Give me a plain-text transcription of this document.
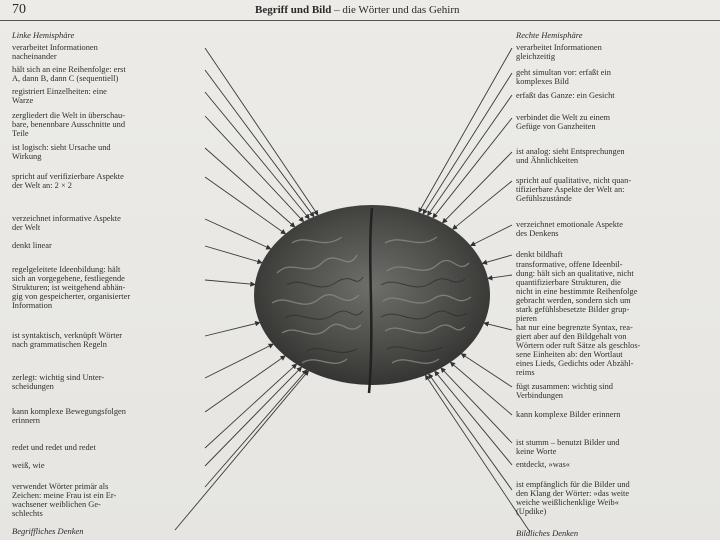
70	Begriff und Bild – die Wörter und das Gehirn
Linke Hemisphäre
verarbeitet Informationen
nacheinander
hält sich an eine Reihenfolge: erst
A, dann B, dann C (sequentiell)
registriert Einzelheiten: eine
Warze
zergliedert die Welt in überschau-
bare, benennbare Ausschnitte und
Teile
ist logisch: sieht Ursache und
Wirkung
spricht auf verifizierbare Aspekte
der Welt an: 2 × 2
verzeichnet informative Aspekte
der Welt
denkt linear
regelgeleitete Ideenbildung: hält
sich an vorgegebene, festliegende
Strukturen; ist weitgehend abhän-
gig von gespeicherter, organisierter
Information
ist syntaktisch, verknüpft Wörter
nach grammatischen Regeln
zerlegt: wichtig sind Unter-
scheidungen
kann komplexe Bewegungsfolgen
erinnern
redet und redet und redet
weiß, wie
verwendet Wörter primär als
Zeichen: meine Frau ist ein Er-
wachsener weiblichen Ge-
schlechts
Begriffliches Denken
Rechte Hemisphäre
verarbeitet Informationen
gleichzeitig
geht simultan vor: erfaßt ein
komplexes Bild
erfaßt das Ganze: ein Gesicht
verbindet die Welt zu einem
Gefüge von Ganzheiten
ist analog: sieht Entsprechungen
und Ähnlichkeiten
spricht auf qualitative, nicht quan-
tifizierbare Aspekte der Welt an:
Gefühlszustände
verzeichnet emotionale Aspekte
des Denkens
denkt bildhaft
transformative, offene Ideenbil-
dung: hält sich an qualitative, nicht
quantifizierbare Strukturen, die
nicht in eine bestimmte Reihenfolge
gebracht werden, sondern sich um
stark gefühlsbesetzte Bilder grup-
pieren
hat nur eine begrenzte Syntax, rea-
giert aber auf den Bildgehalt von
Wörtern oder ruft Sätze als geschlos-
sene Einheiten ab: den Wortlaut
eines Lieds, Gedichts oder Abzähl-
reims
fügt zusammen: wichtig sind
Verbindungen
kann komplexe Bilder erinnern
ist stumm – benutzt Bilder und
keine Worte
entdeckt, »was«
ist empfänglich für die Bilder und
den Klang der Wörter: »das weite
weiche weißlichenklige Weib«
(Updike)
Bildliches Denken
